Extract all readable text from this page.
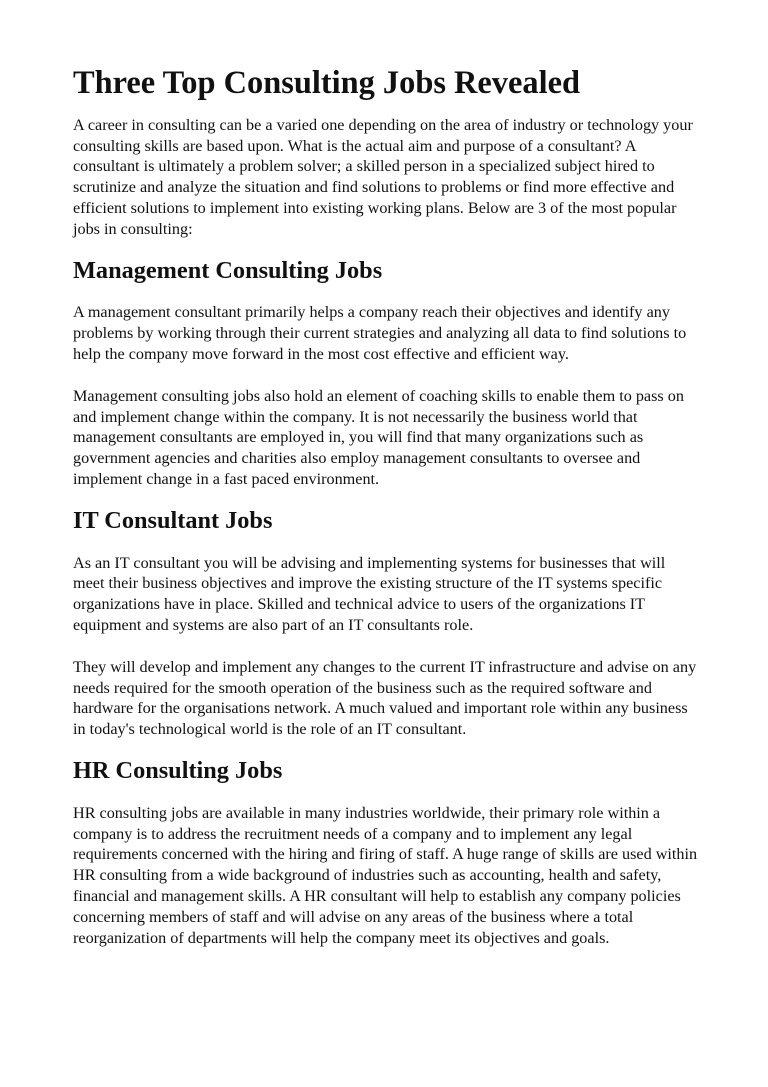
Three Top Consulting Jobs Revealed

A career in consulting can be a varied one depending on the area of industry or technology your consulting skills are based upon. What is the actual aim and purpose of a consultant? A consultant is ultimately a problem solver; a skilled person in a specialized subject hired to scrutinize and analyze the situation and find solutions to problems or find more effective and efficient solutions to implement into existing working plans. Below are 3 of the most popular jobs in consulting:

Management Consulting Jobs

A management consultant primarily helps a company reach their objectives and identify any problems by working through their current strategies and analyzing all data to find solutions to help the company move forward in the most cost effective and efficient way.

Management consulting jobs also hold an element of coaching skills to enable them to pass on and implement change within the company. It is not necessarily the business world that management consultants are employed in, you will find that many organizations such as government agencies and charities also employ management consultants to oversee and implement change in a fast paced environment.

IT Consultant Jobs

As an IT consultant you will be advising and implementing systems for businesses that will meet their business objectives and improve the existing structure of the IT systems specific organizations have in place. Skilled and technical advice to users of the organizations IT equipment and systems are also part of an IT consultants role.

They will develop and implement any changes to the current IT infrastructure and advise on any needs required for the smooth operation of the business such as the required software and hardware for the organisations network. A much valued and important role within any business in today's technological world is the role of an IT consultant.

HR Consulting Jobs

HR consulting jobs are available in many industries worldwide, their primary role within a company is to address the recruitment needs of a company and to implement any legal requirements concerned with the hiring and firing of staff. A huge range of skills are used within HR consulting from a wide background of industries such as accounting, health and safety, financial and management skills. A HR consultant will help to establish any company policies concerning members of staff and will advise on any areas of the business where a total reorganization of departments will help the company meet its objectives and goals.
